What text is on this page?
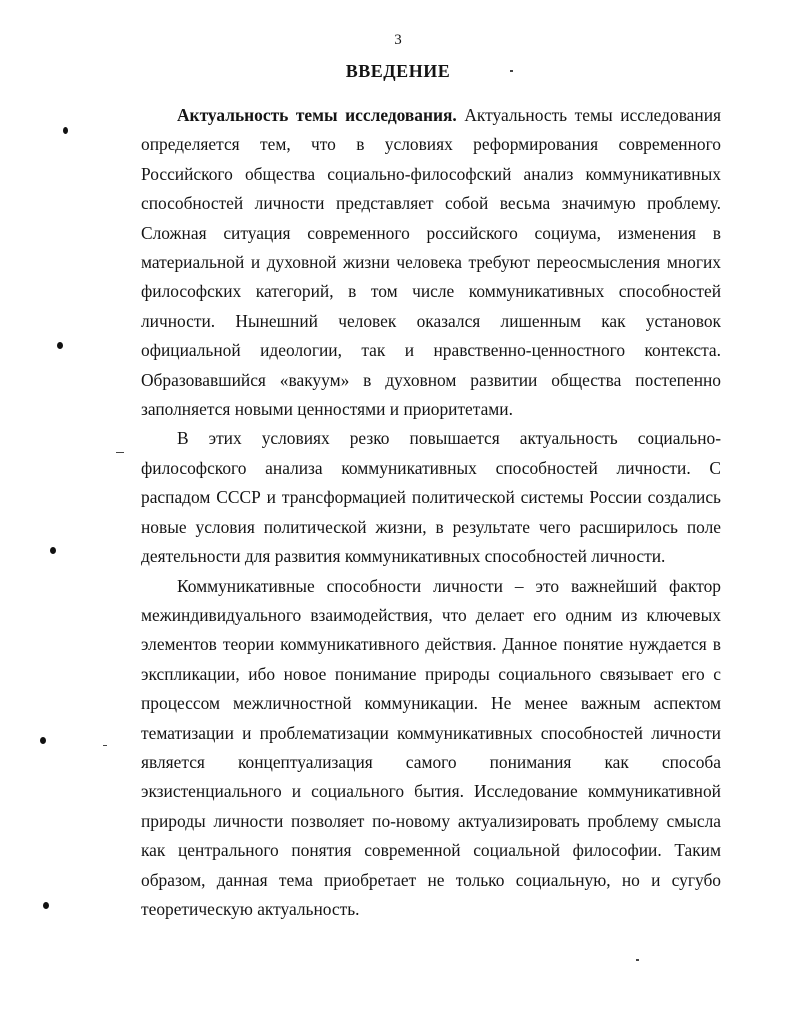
3
ВВЕДЕНИЕ

Актуальность темы исследования. Актуальность темы исследования определяется тем, что в условиях реформирования современного Российского общества социально-философский анализ коммуникативных способностей личности представляет собой весьма значимую проблему. Сложная ситуация современного российского социума, изменения в материальной и духовной жизни человека требуют переосмысления многих философских категорий, в том числе коммуникативных способностей личности. Нынешний человек оказался лишенным как установок официальной идеологии, так и нравственно-ценностного контекста. Образовавшийся «вакуум» в духовном развитии общества постепенно заполняется новыми ценностями и приоритетами.

В этих условиях резко повышается актуальность социально-философского анализа коммуникативных способностей личности. С распадом СССР и трансформацией политической системы России создались новые условия политической жизни, в результате чего расширилось поле деятельности для развития коммуникативных способностей личности.

Коммуникативные способности личности – это важнейший фактор межиндивидуального взаимодействия, что делает его одним из ключевых элементов теории коммуникативного действия. Данное понятие нуждается в экспликации, ибо новое понимание природы социального связывает его с процессом межличностной коммуникации. Не менее важным аспектом тематизации и проблематизации коммуникативных способностей личности является концептуализация самого понимания как способа экзистенциального и социального бытия. Исследование коммуникативной природы личности позволяет по-новому актуализировать проблему смысла как центрального понятия современной социальной философии. Таким образом, данная тема приобретает не только социальную, но и сугубо теоретическую актуальность.
